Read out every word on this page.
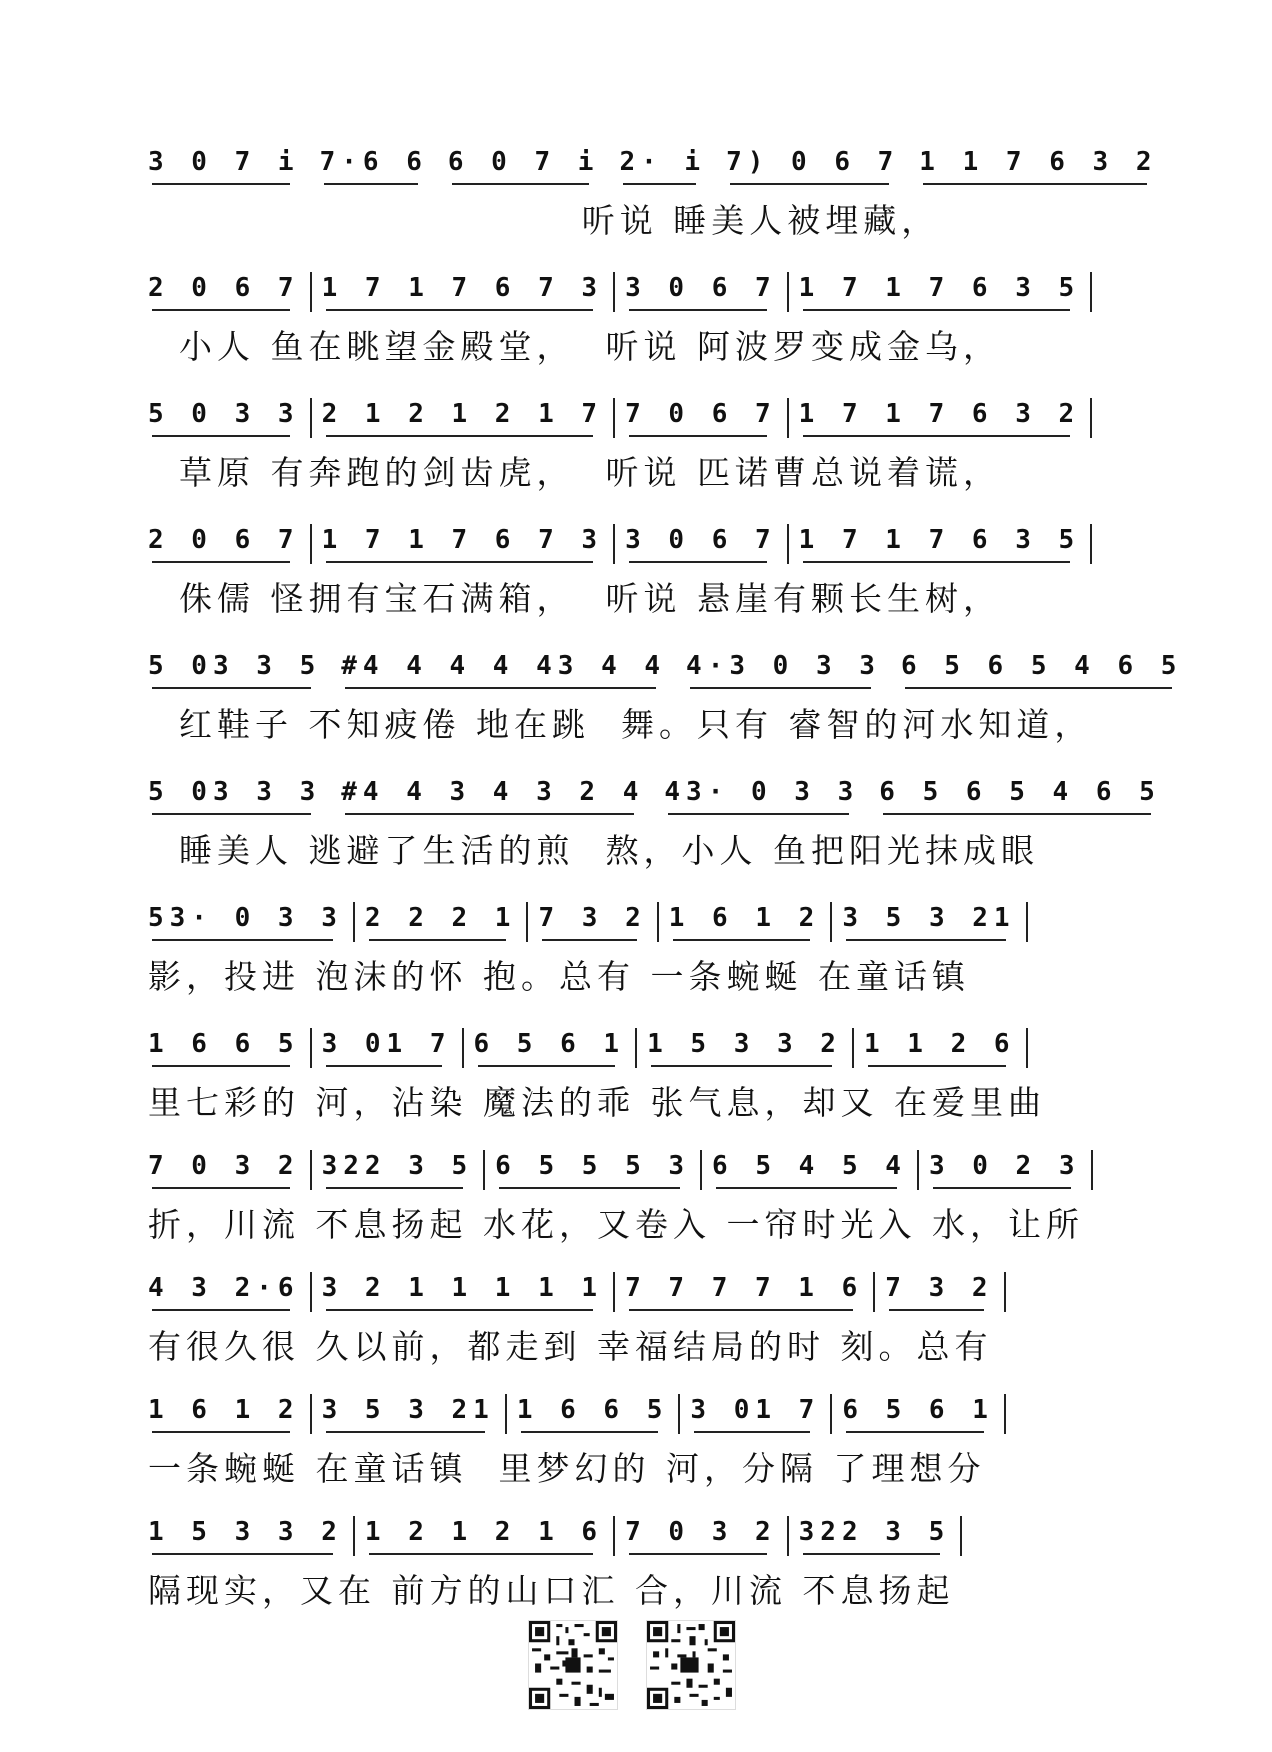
3 0 7 i 7·6 6 6 0 7 i 2· i 7) 0 6 7 1 1 7 6 3 2
听说 睡美人被埋藏，
2 0 6 7 1 7 1 7 6 7 3 3 0 6 7 1 7 1 7 6 3 5
小人 鱼在眺望金殿堂，  听说 阿波罗变成金乌，
5 0 3 3 2 1 2 1 2 1 7 7 0 6 7 1 7 1 7 6 3 2
草原 有奔跑的剑齿虎，  听说 匹诺曹总说着谎，
2 0 6 7 1 7 1 7 6 7 3 3 0 6 7 1 7 1 7 6 3 5
侏儒 怪拥有宝石满箱，  听说 悬崖有颗长生树，
5 03 3 5 #4 4 4 4 43 4 4 4·3 0 3 3 6 5 6 5 4 6 5
红鞋子 不知疲倦 地在跳  舞。只有 睿智的河水知道，
5 03 3 3 #4 4 3 4 3 2 4 43· 0 3 3 6 5 6 5 4 6 5
睡美人 逃避了生活的煎  熬，小人 鱼把阳光抹成眼
53· 0 3 3 2 2 2 1 7 3 2 1 6 1 2 3 5 3 21
影，投进 泡沫的怀 抱。总有 一条蜿蜒 在童话镇
1 6 6 5 3 01 7 6 5 6 1 1 5 3 3 2 1 1 2 6
里七彩的 河，沾染 魔法的乖 张气息，却又 在爱里曲
7 0 3 2 322 3 5 6 5 5 5 3 6 5 4 5 4 3 0 2 3
折，川流 不息扬起 水花，又卷入 一帘时光入 水，让所
4 3 2·6 3 2 1 1 1 1 1 7 7 7 7 1 6 7 3 2
有很久很 久以前，都走到 幸福结局的时 刻。总有
1 6 1 2 3 5 3 21 1 6 6 5 3 01 7 6 5 6 1
一条蜿蜒 在童话镇  里梦幻的 河，分隔 了理想分
1 5 3 3 2 1 2 1 2 1 6 7 0 3 2 322 3 5
隔现实，又在 前方的山口汇 合，川流 不息扬起
